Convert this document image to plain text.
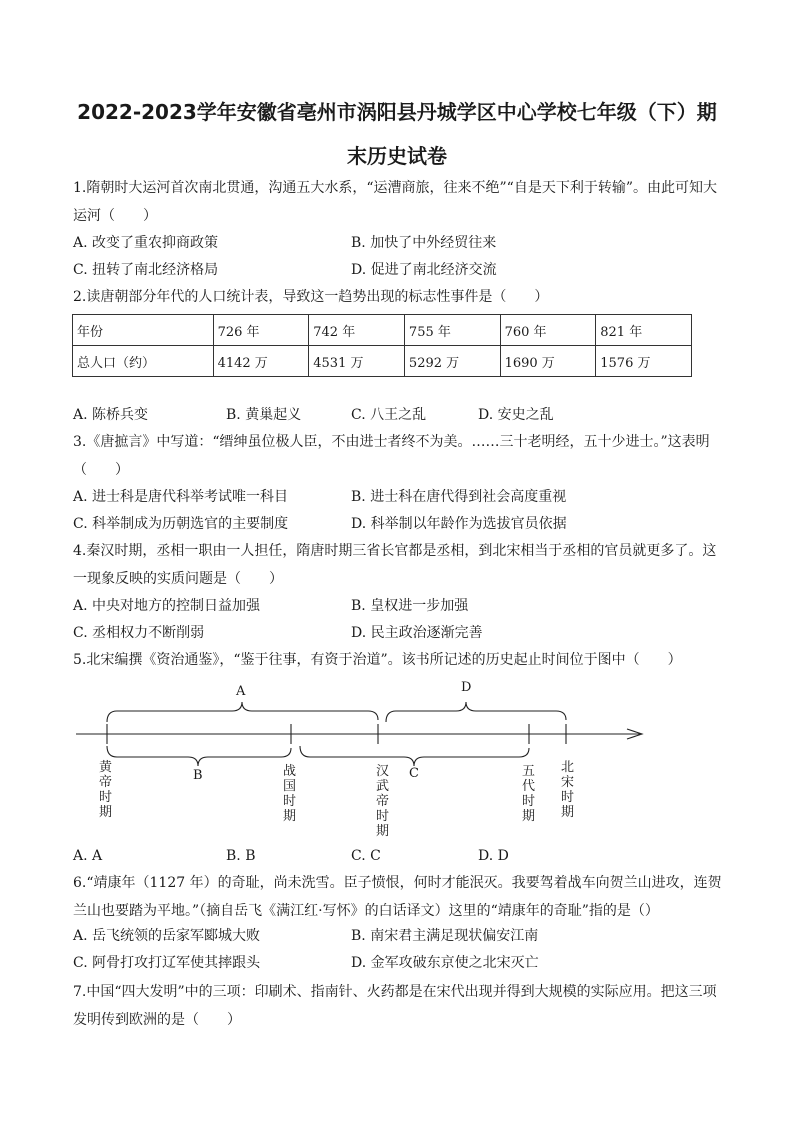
2022-2023学年安徽省亳州市涡阳县丹城学区中心学校七年级（下）期
末历史试卷
1.隋朝时大运河首次南北贯通，沟通五大水系，“运漕商旅，往来不绝”“自是天下利于转输”。由此可知大运河（　　）
A. 改变了重农抑商政策	B. 加快了中外经贸往来
C. 扭转了南北经济格局	D. 促进了南北经济交流
2.读唐朝部分年代的人口统计表，导致这一趋势出现的标志性事件是（　　）
年份	726 年	742 年	755 年	760 年	821 年
总人口（约）	4142 万	4531 万	5292 万	1690 万	1576 万
A. 陈桥兵变	B. 黄巢起义	C. 八王之乱	D. 安史之乱
3.《唐摭言》中写道：“缙绅虽位极人臣，不由进士者终不为美。……三十老明经，五十少进士。”这表明（　　）
A. 进士科是唐代科举考试唯一科目	B. 进士科在唐代得到社会高度重视
C. 科举制成为历朝选官的主要制度	D. 科举制以年龄作为选拔官员依据
4.秦汉时期，丞相一职由一人担任，隋唐时期三省长官都是丞相，到北宋相当于丞相的官员就更多了。这一现象反映的实质问题是（　　）
A. 中央对地方的控制日益加强	B. 皇权进一步加强
C. 丞相权力不断削弱	D. 民主政治逐渐完善
5.北宋编撰《资治通鉴》，“鉴于往事，有资于治道”。该书所记述的历史起止时间位于图中（　　）
A
B	C
D
黄帝时期
战国时期
汉武帝时期
五代时期
北宋时期
A. A	B. B	C. C	D. D
6.“靖康年（1127 年）的奇耻，尚未洗雪。臣子愤恨，何时才能泯灭。我要驾着战车向贺兰山进攻，连贺兰山也要踏为平地。”（摘自岳飞《满江红·写怀》的白话译文）这里的“靖康年的奇耻”指的是（）
A. 岳飞统领的岳家军郾城大败	B. 南宋君主满足现状偏安江南
C. 阿骨打攻打辽军使其摔跟头	D. 金军攻破东京使之北宋灭亡
7.中国“四大发明”中的三项：印刷术、指南针、火药都是在宋代出现并得到大规模的实际应用。把这三项发明传到欧洲的是（　　）
